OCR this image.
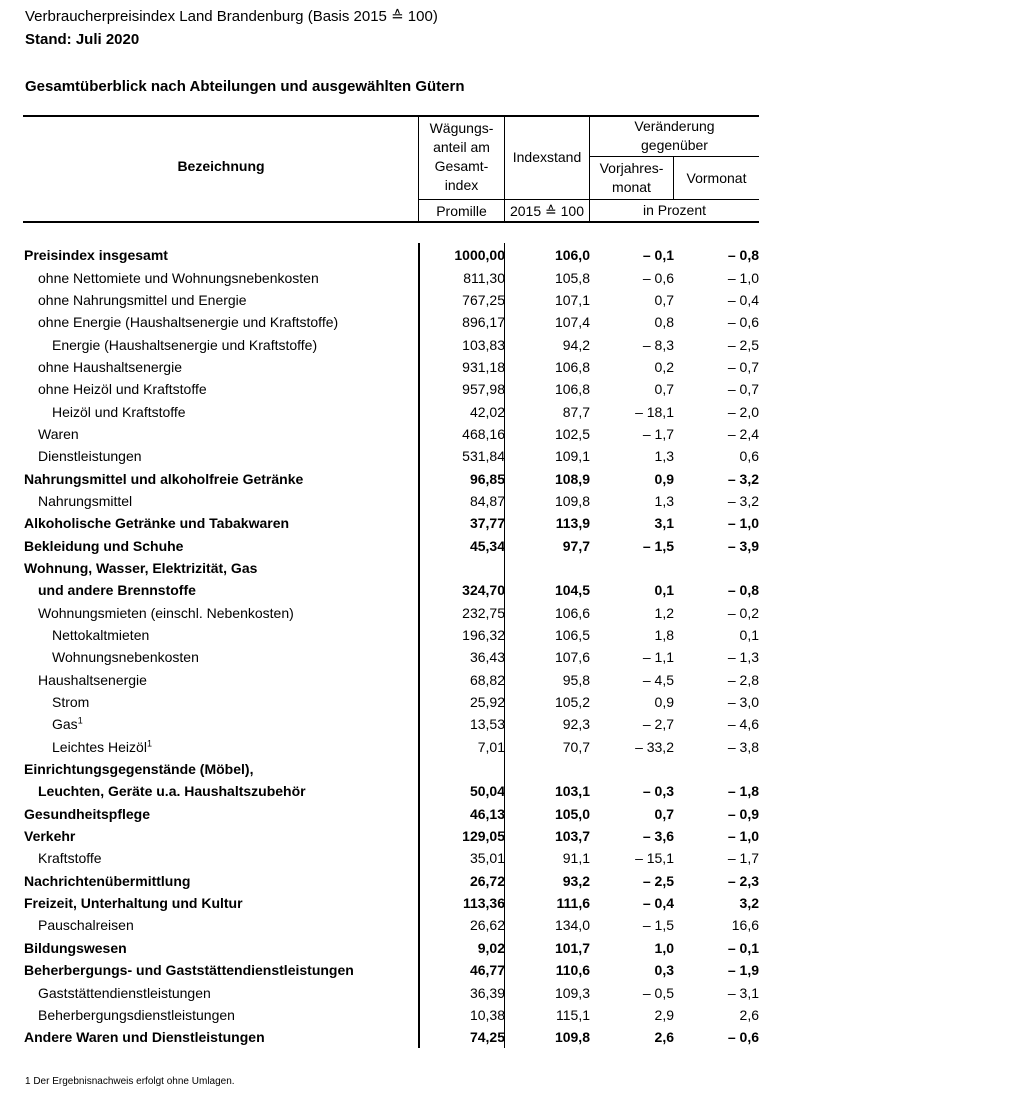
Verbraucherpreisindex Land Brandenburg (Basis 2015 ≙ 100)
Stand: Juli 2020
Gesamtüberblick nach Abteilungen und ausgewählten Gütern
Bezeichnung
Wägungs-
anteil am
Gesamt-
index
Indexstand
Veränderung
gegenüber
Vorjahres-
monat
Vormonat
Promille	2015 ≙ 100	in Prozent
Preisindex insgesamt	1000,00	106,0	– 0,1	– 0,8
ohne Nettomiete und Wohnungsnebenkosten	811,30	105,8	– 0,6	– 1,0
ohne Nahrungsmittel und Energie	767,25	107,1	0,7	– 0,4
ohne Energie (Haushaltsenergie und Kraftstoffe)	896,17	107,4	0,8	– 0,6
Energie (Haushaltsenergie und Kraftstoffe)	103,83	94,2	– 8,3	– 2,5
ohne Haushaltsenergie	931,18	106,8	0,2	– 0,7
ohne Heizöl und Kraftstoffe	957,98	106,8	0,7	– 0,7
Heizöl und Kraftstoffe	42,02	87,7	– 18,1	– 2,0
Waren	468,16	102,5	– 1,7	– 2,4
Dienstleistungen	531,84	109,1	1,3	0,6
Nahrungsmittel und alkoholfreie Getränke	96,85	108,9	0,9	– 3,2
Nahrungsmittel	84,87	109,8	1,3	– 3,2
Alkoholische Getränke und Tabakwaren	37,77	113,9	3,1	– 1,0
Bekleidung und Schuhe	45,34	97,7	– 1,5	– 3,9
Wohnung, Wasser, Elektrizität, Gas				
und andere Brennstoffe	324,70	104,5	0,1	– 0,8
Wohnungsmieten (einschl. Nebenkosten)	232,75	106,6	1,2	– 0,2
Nettokaltmieten	196,32	106,5	1,8	0,1
Wohnungsnebenkosten	36,43	107,6	– 1,1	– 1,3
Haushaltsenergie	68,82	95,8	– 4,5	– 2,8
Strom	25,92	105,2	0,9	– 3,0
Gas$^1$	13,53	92,3	– 2,7	– 4,6
Leichtes Heizöl$^1$	7,01	70,7	– 33,2	– 3,8
Einrichtungsgegenstände (Möbel),				
Leuchten, Geräte u.a. Haushaltszubehör	50,04	103,1	– 0,3	– 1,8
Gesundheitspflege	46,13	105,0	0,7	– 0,9
Verkehr	129,05	103,7	– 3,6	– 1,0
Kraftstoffe	35,01	91,1	– 15,1	– 1,7
Nachrichtenübermittlung	26,72	93,2	– 2,5	– 2,3
Freizeit, Unterhaltung und Kultur	113,36	111,6	– 0,4	3,2
Pauschalreisen	26,62	134,0	– 1,5	16,6
Bildungswesen	9,02	101,7	1,0	– 0,1
Beherbergungs- und Gaststättendienstleistungen	46,77	110,6	0,3	– 1,9
Gaststättendienstleistungen	36,39	109,3	– 0,5	– 3,1
Beherbergungsdienstleistungen	10,38	115,1	2,9	2,6
Andere Waren und Dienstleistungen	74,25	109,8	2,6	– 0,6
1 Der Ergebnisnachweis erfolgt ohne Umlagen.
